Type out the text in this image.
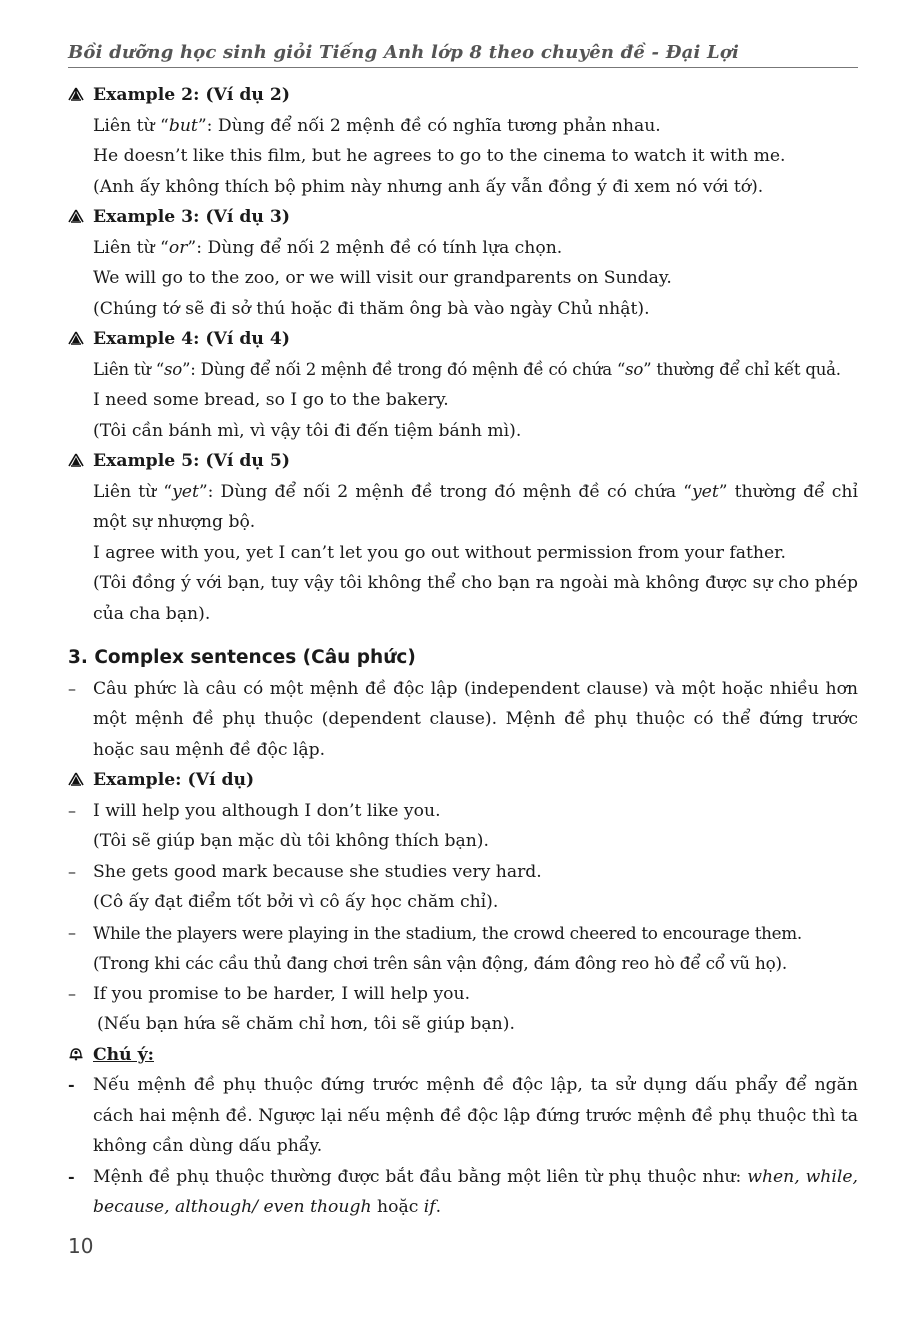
Bồi dưỡng học sinh giỏi Tiếng Anh lớp 8 theo chuyên đề - Đại Lợi
Example 2: (Ví dụ 2)
Liên từ “but”: Dùng để nối 2 mệnh đề có nghĩa tương phản nhau.
He doesn’t like this film, but he agrees to go to the cinema to watch it with me.
(Anh ấy không thích bộ phim này nhưng anh ấy vẫn đồng ý đi xem nó với tớ).
Example 3: (Ví dụ 3)
Liên từ “or”: Dùng để nối 2 mệnh đề có tính lựa chọn.
We will go to the zoo, or we will visit our grandparents on Sunday.
(Chúng tớ sẽ đi sở thú hoặc đi thăm ông bà vào ngày Chủ nhật).
Example 4: (Ví dụ 4)
Liên từ “so”: Dùng để nối 2 mệnh đề trong đó mệnh đề có chứa “so” thường để chỉ kết quả.
I need some bread, so I go to the bakery.
(Tôi cần bánh mì, vì vậy tôi đi đến tiệm bánh mì).
Example 5: (Ví dụ 5)
Liên từ “yet”: Dùng để nối 2 mệnh đề trong đó mệnh đề có chứa “yet” thường để chỉ một sự nhượng bộ.
I agree with you, yet I can’t let you go out without permission from your father.
(Tôi đồng ý với bạn, tuy vậy tôi không thể cho bạn ra ngoài mà không được sự cho phép của cha bạn).
3. Complex sentences (Câu phức)
– Câu phức là câu có một mệnh đề độc lập (independent clause) và một hoặc nhiều hơn một mệnh đề phụ thuộc (dependent clause). Mệnh đề phụ thuộc có thể đứng trước hoặc sau mệnh đề độc lập.
Example: (Ví dụ)
– I will help you although I don’t like you.
(Tôi sẽ giúp bạn mặc dù tôi không thích bạn).
– She gets good mark because she studies very hard.
(Cô ấy đạt điểm tốt bởi vì cô ấy học chăm chỉ).
–	While the players were playing in the stadium, the crowd cheered to encourage them.
(Trong khi các cầu thủ đang chơi trên sân vận động, đám đông reo hò để cổ vũ họ).
– If you promise to be harder, I will help you.
(Nếu bạn hứa sẽ chăm chỉ hơn, tôi sẽ giúp bạn).
Chú ý:
-	Nếu mệnh đề phụ thuộc đứng trước mệnh đề độc lập, ta sử dụng dấu phẩy để ngăn cách hai mệnh đề. Ngược lại nếu mệnh đề độc lập đứng trước mệnh đề phụ thuộc thì ta không cần dùng dấu phẩy.
-	Mệnh đề phụ thuộc thường được bắt đầu bằng một liên từ phụ thuộc như: when, while, because, although/ even though hoặc if.
10
